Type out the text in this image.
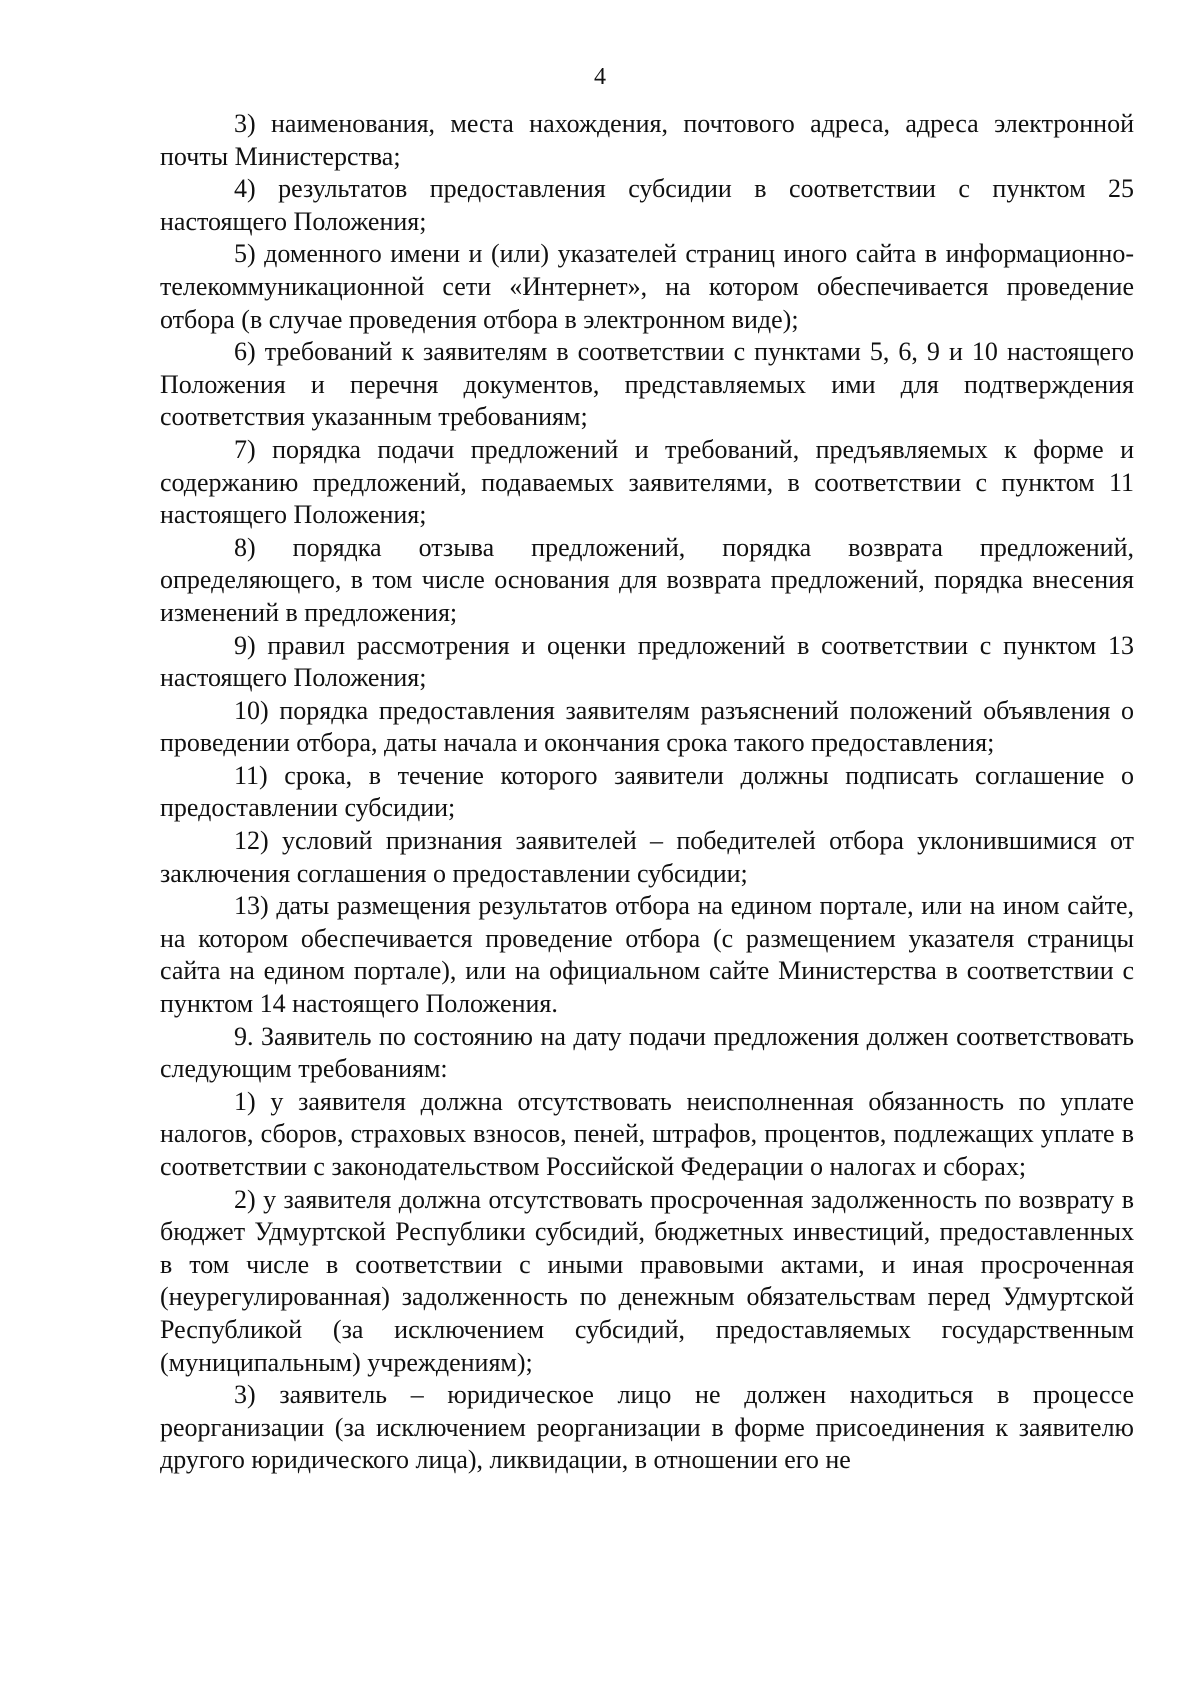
4

3) наименования, места нахождения, почтового адреса, адреса электронной почты Министерства;

4) результатов предоставления субсидии в соответствии с пунктом 25 настоящего Положения;

5) доменного имени и (или) указателей страниц иного сайта в информационно-телекоммуникационной сети «Интернет», на котором обеспечивается проведение отбора (в случае проведения отбора в электронном виде);

6) требований к заявителям в соответствии с пунктами 5, 6, 9 и 10 настоящего Положения и перечня документов, представляемых ими для подтверждения соответствия указанным требованиям;

7) порядка подачи предложений и требований, предъявляемых к форме и содержанию предложений, подаваемых заявителями, в соответствии с пунктом 11 настоящего Положения;

8) порядка отзыва предложений, порядка возврата предложений, определяющего, в том числе основания для возврата предложений, порядка внесения изменений в предложения;

9) правил рассмотрения и оценки предложений в соответствии с пунктом 13 настоящего Положения;

10) порядка предоставления заявителям разъяснений положений объявления о проведении отбора, даты начала и окончания срока такого предоставления;

11) срока, в течение которого заявители должны подписать соглашение о предоставлении субсидии;

12) условий признания заявителей – победителей отбора уклонившимися от заключения соглашения о предоставлении субсидии;

13) даты размещения результатов отбора на едином портале, или на ином сайте, на котором обеспечивается проведение отбора (с размещением указателя страницы сайта на едином портале), или на официальном сайте Министерства в соответствии с пунктом 14 настоящего Положения.

9. Заявитель по состоянию на дату подачи предложения должен соответствовать следующим требованиям:

1) у заявителя должна отсутствовать неисполненная обязанность по уплате налогов, сборов, страховых взносов, пеней, штрафов, процентов, подлежащих уплате в соответствии с законодательством Российской Федерации о налогах и сборах;

2) у заявителя должна отсутствовать просроченная задолженность по возврату в бюджет Удмуртской Республики субсидий, бюджетных инвестиций, предоставленных в том числе в соответствии с иными правовыми актами, и иная просроченная (неурегулированная) задолженность по денежным обязательствам перед Удмуртской Республикой (за исключением субсидий, предоставляемых государственным (муниципальным) учреждениям);

3) заявитель – юридическое лицо не должен находиться в процессе реорганизации (за исключением реорганизации в форме присоединения к заявителю другого юридического лица), ликвидации, в отношении его не
